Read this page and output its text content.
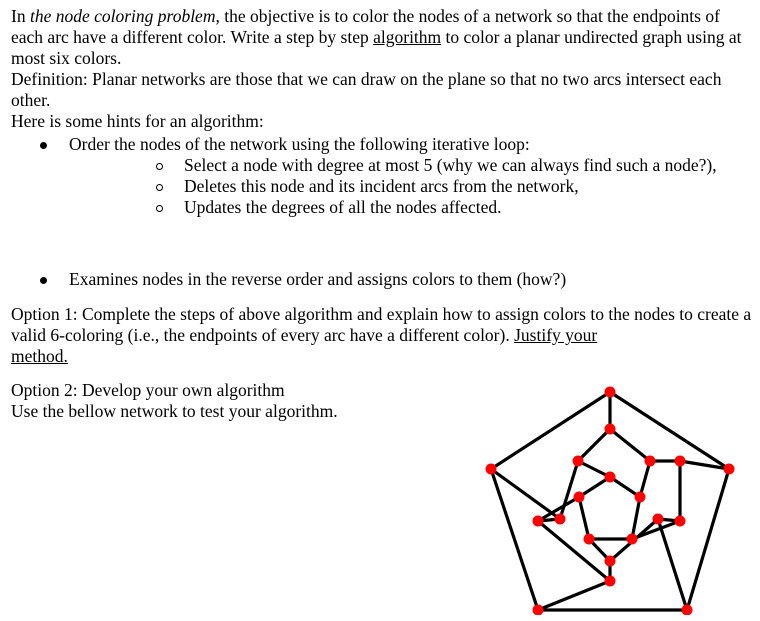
In the node coloring problem, the objective is to color the nodes of a network so that the endpoints of each arc have a different color. Write a step by step algorithm to color a planar undirected graph using at most six colors.

Definition: Planar networks are those that we can draw on the plane so that no two arcs intersect each other.

Here is some hints for an algorithm:

Order the nodes of the network using the following iterative loop:
Select a node with degree at most 5 (why we can always find such a node?),
Deletes this node and its incident arcs from the network,
Updates the degrees of all the nodes affected.
Examines nodes in the reverse order and assigns colors to them (how?)

Option 1: Complete the steps of above algorithm and explain how to assign colors to the nodes to create a valid 6-coloring (i.e., the endpoints of every arc have a different color). Justify your
method.

Option 2: Develop your own algorithm

Use the bellow network to test your algorithm.
